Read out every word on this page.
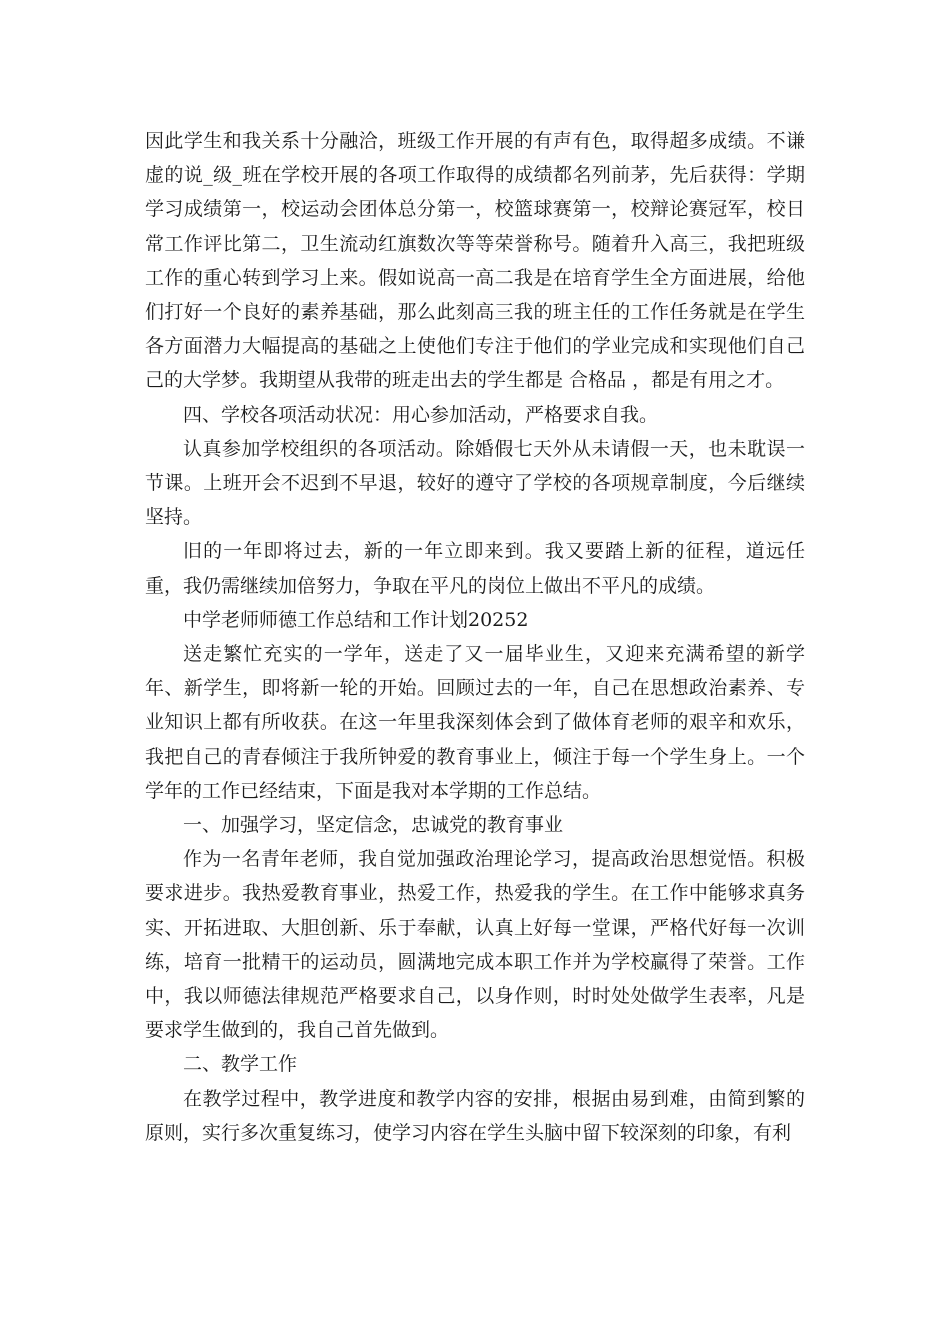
因此学生和我关系十分融洽，班级工作开展的有声有色，取得超多成绩。不谦虚的说_级_班在学校开展的各项工作取得的成绩都名列前茅，先后获得：学期学习成绩第一，校运动会团体总分第一，校篮球赛第一，校辩论赛冠军，校日常工作评比第二，卫生流动红旗数次等等荣誉称号。随着升入高三，我把班级工作的重心转到学习上来。假如说高一高二我是在培育学生全方面进展，给他们打好一个良好的素养基础，那么此刻高三我的班主任的工作任务就是在学生各方面潜力大幅提高的基础之上使他们专注于他们的学业完成和实现他们自己己的大学梦。我期望从我带的班走出去的学生都是 合格品 ，都是有用之才。

四、学校各项活动状况：用心参加活动，严格要求自我。

认真参加学校组织的各项活动。除婚假七天外从未请假一天，也未耽误一节课。上班开会不迟到不早退，较好的遵守了学校的各项规章制度，今后继续坚持。

旧的一年即将过去，新的一年立即来到。我又要踏上新的征程，道远任重，我仍需继续加倍努力，争取在平凡的岗位上做出不平凡的成绩。

中学老师师德工作总结和工作计划20252

送走繁忙充实的一学年，送走了又一届毕业生，又迎来充满希望的新学年、新学生，即将新一轮的开始。回顾过去的一年，自己在思想政治素养、专业知识上都有所收获。在这一年里我深刻体会到了做体育老师的艰辛和欢乐，我把自己的青春倾注于我所钟爱的教育事业上，倾注于每一个学生身上。一个学年的工作已经结束，下面是我对本学期的工作总结。

一、加强学习，坚定信念，忠诚党的教育事业

作为一名青年老师，我自觉加强政治理论学习，提高政治思想觉悟。积极要求进步。我热爱教育事业，热爱工作，热爱我的学生。在工作中能够求真务实、开拓进取、大胆创新、乐于奉献，认真上好每一堂课，严格代好每一次训练，培育一批精干的运动员，圆满地完成本职工作并为学校赢得了荣誉。工作中，我以师德法律规范严格要求自己，以身作则，时时处处做学生表率，凡是要求学生做到的，我自己首先做到。

二、教学工作

在教学过程中，教学进度和教学内容的安排，根据由易到难，由简到繁的原则，实行多次重复练习，使学习内容在学生头脑中留下较深刻的印象，有利
